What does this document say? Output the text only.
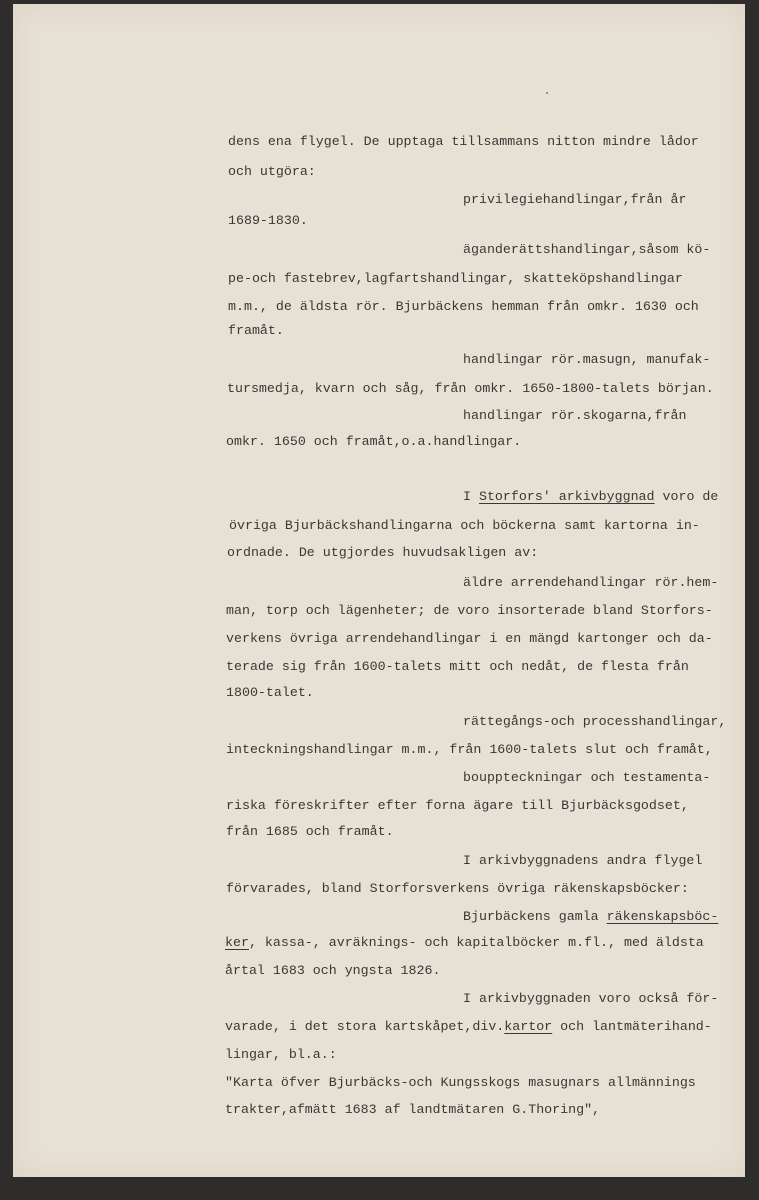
dens ena flygel. De upptaga tillsammans nitton mindre lådor
och utgöra:
privilegiehandlingar,från år
1689-1830.
äganderättshandlingar,såsom kö-
pe-och fastebrev,lagfartshandlingar, skatteköpshandlingar
m.m., de äldsta rör. Bjurbäckens hemman från omkr. 1630 och
framåt.
handlingar rör.masugn, manufak-
tursmedja, kvarn och såg, från omkr. 1650-1800-talets början.
handlingar rör.skogarna,från
omkr. 1650 och framåt,o.a.handlingar.
I Storfors' arkivbyggnad voro de
övriga Bjurbäckshandlingarna och böckerna samt kartorna in-
ordnade. De utgjordes huvudsakligen av:
äldre arrendehandlingar rör.hem-
man, torp och lägenheter; de voro insorterade bland Storfors-
verkens övriga arrendehandlingar i en mängd kartonger och da-
terade sig från 1600-talets mitt och nedåt, de flesta från
1800-talet.
rättegångs-och processhandlingar,
inteckningshandlingar m.m., från 1600-talets slut och framåt,
bouppteckningar och testamenta-
riska föreskrifter efter forna ägare till Bjurbäcksgodset,
från 1685 och framåt.
I arkivbyggnadens andra flygel
förvarades, bland Storforsverkens övriga räkenskapsböcker:
Bjurbäckens gamla räkenskapsböc-
ker, kassa-, avräknings- och kapitalböcker m.fl., med äldsta
årtal 1683 och yngsta 1826.
I arkivbyggnaden voro också för-
varade, i det stora kartskåpet,div.kartor och lantmäterihand-
lingar, bl.a.:
"Karta öfver Bjurbäcks-och Kungsskogs masugnars allmännings
trakter,afmätt 1683 af landtmätaren G.Thoring",
